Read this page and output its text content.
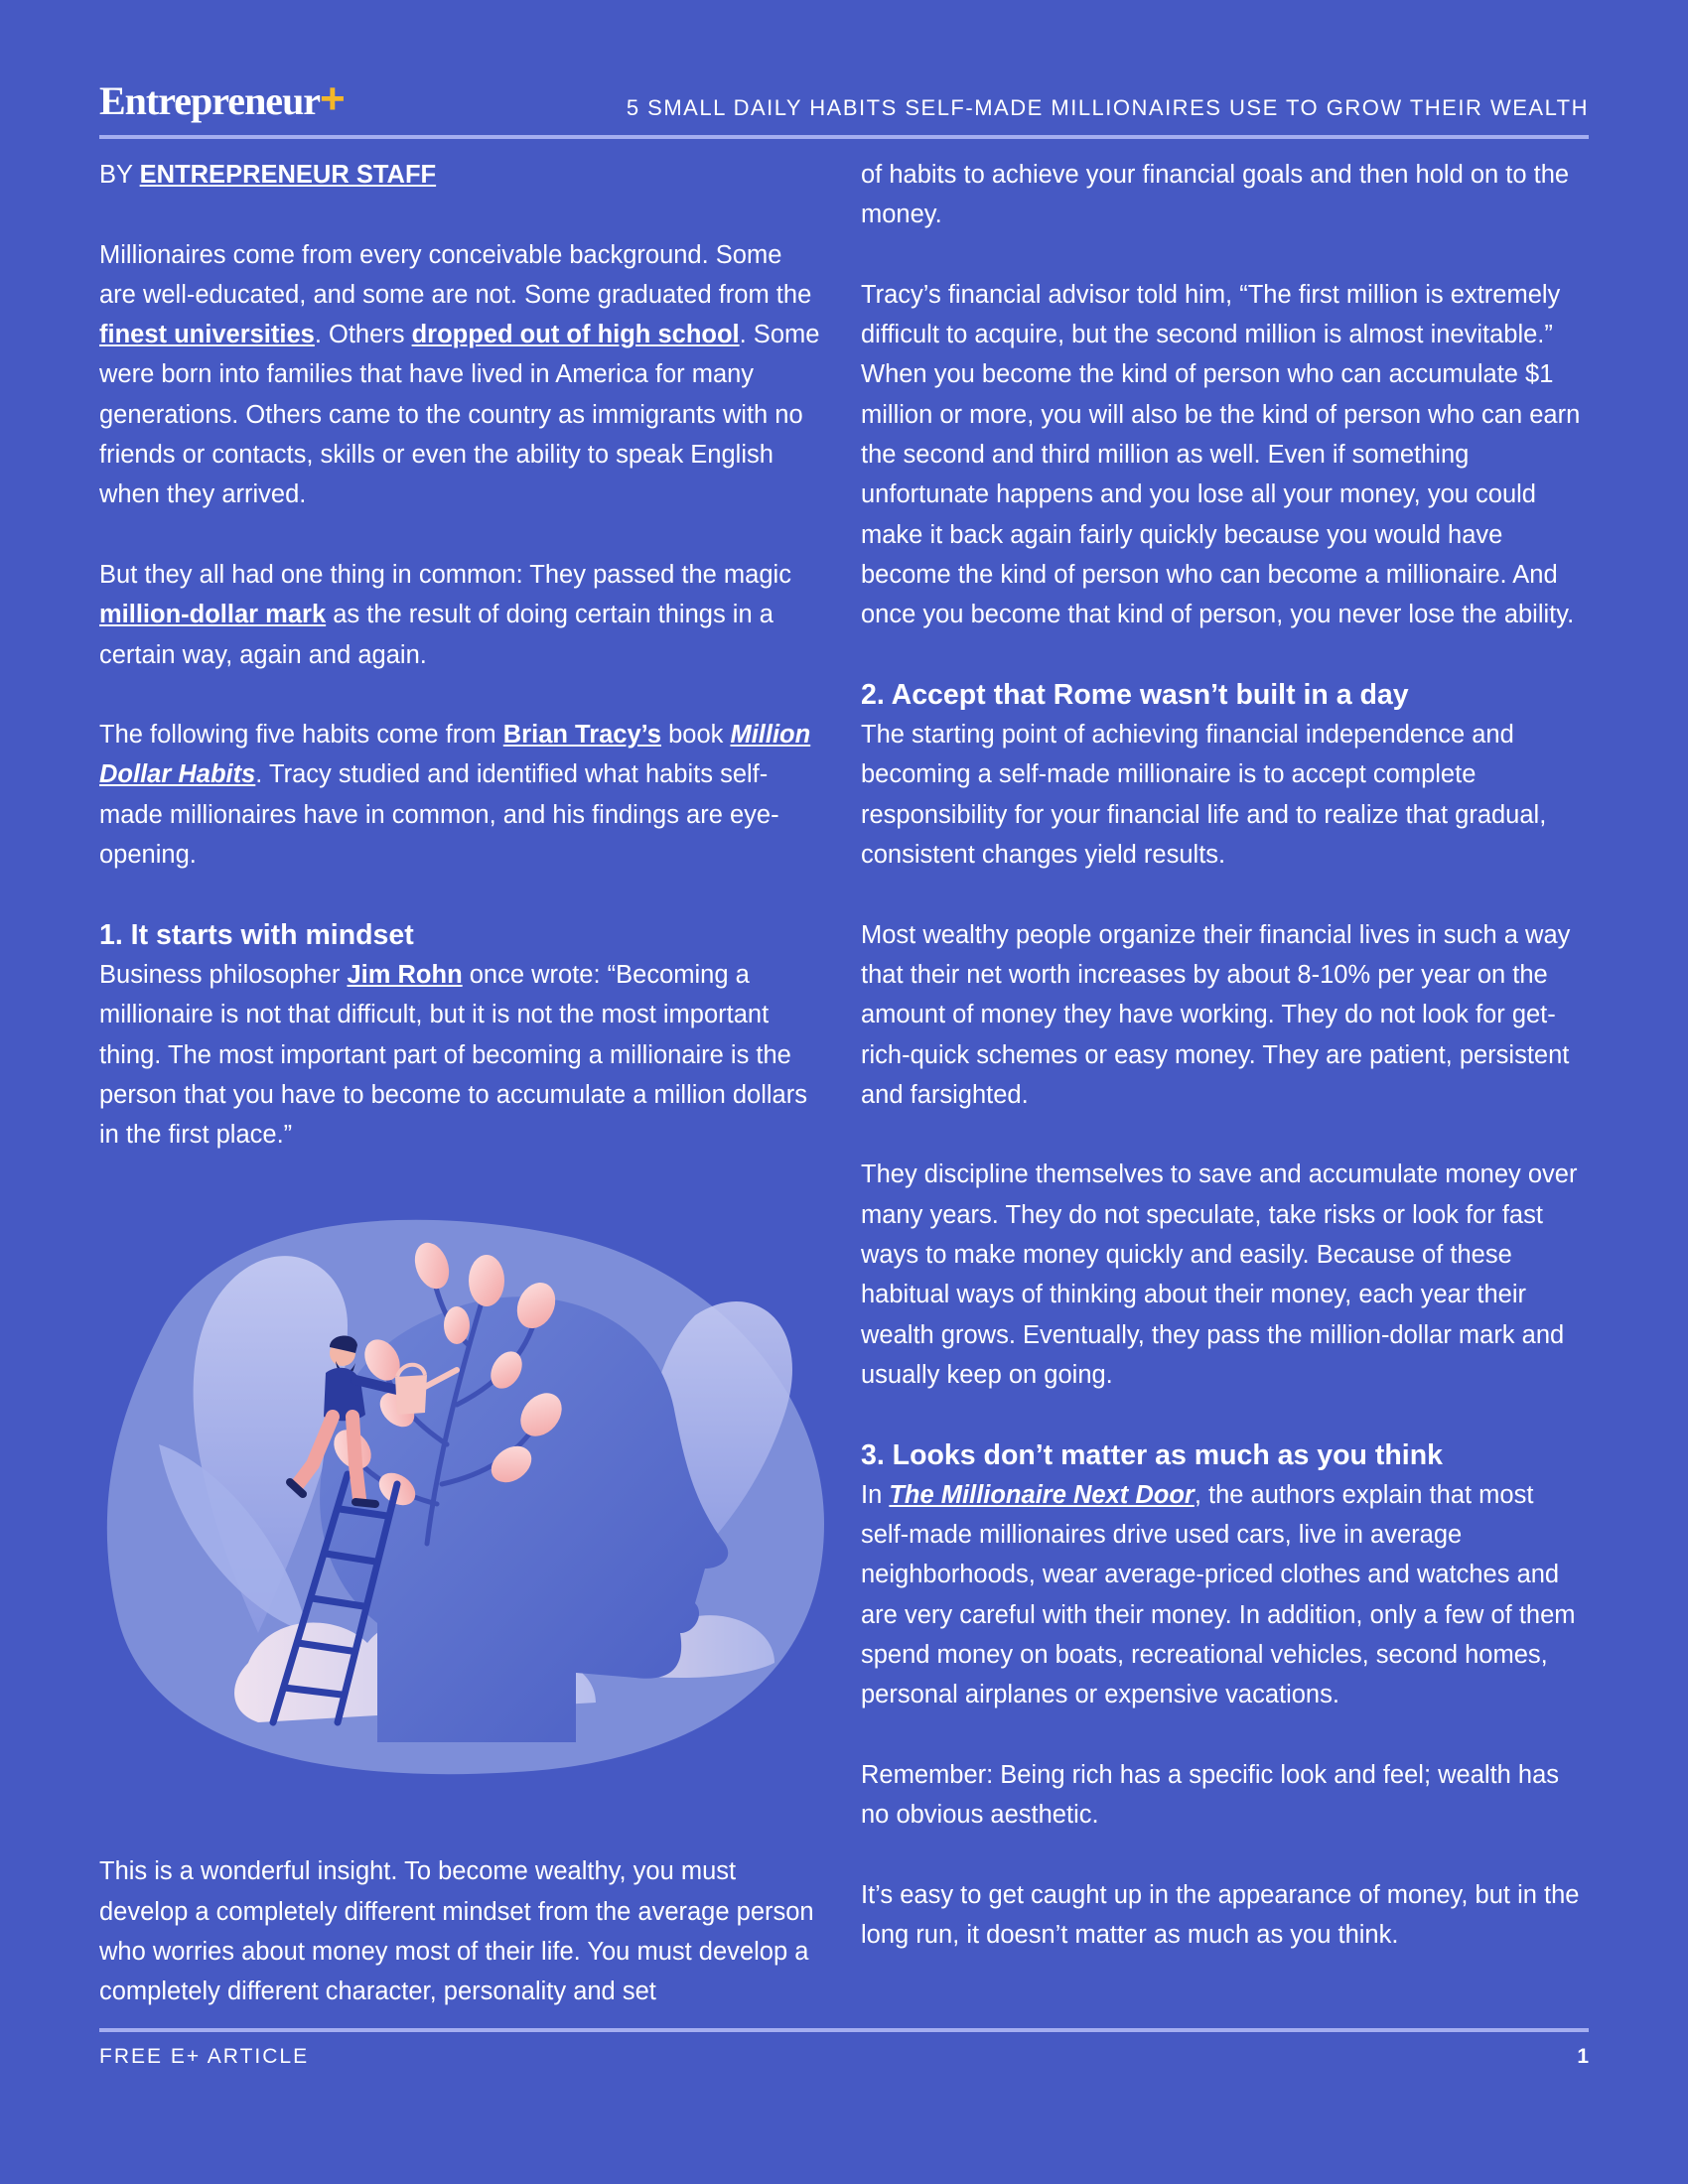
Entrepreneur +	5 SMALL DAILY HABITS SELF-MADE MILLIONAIRES USE TO GROW THEIR WEALTH

BY ENTREPRENEUR STAFF

Millionaires come from every conceivable background. Some are well-educated, and some are not. Some graduated from the finest universities. Others dropped out of high school. Some were born into families that have lived in America for many generations. Others came to the country as immigrants with no friends or contacts, skills or even the ability to speak English when they arrived.

But they all had one thing in common: They passed the magic million-dollar mark as the result of doing certain things in a certain way, again and again.

The following five habits come from Brian Tracy’s book Million Dollar Habits. Tracy studied and identified what habits self-made millionaires have in common, and his findings are eye-opening.

1. It starts with mindset

Business philosopher Jim Rohn once wrote: “Becoming a millionaire is not that difficult, but it is not the most important thing. The most important part of becoming a millionaire is the person that you have to become to accumulate a million dollars in the first place.”

This is a wonderful insight. To become wealthy, you must develop a completely different mindset from the average person who worries about money most of their life. You must develop a completely different character, personality and set

of habits to achieve your financial goals and then hold on to the money.

Tracy’s financial advisor told him, “The first million is extremely difficult to acquire, but the second million is almost inevitable.” When you become the kind of person who can accumulate $1 million or more, you will also be the kind of person who can earn the second and third million as well. Even if something unfortunate happens and you lose all your money, you could make it back again fairly quickly because you would have become the kind of person who can become a millionaire. And once you become that kind of person, you never lose the ability.

2. Accept that Rome wasn’t built in a day

The starting point of achieving financial independence and becoming a self-made millionaire is to accept complete responsibility for your financial life and to realize that gradual, consistent changes yield results.

Most wealthy people organize their financial lives in such a way that their net worth increases by about 8-10% per year on the amount of money they have working. They do not look for get-rich-quick schemes or easy money. They are patient, persistent and farsighted.

They discipline themselves to save and accumulate money over many years. They do not speculate, take risks or look for fast ways to make money quickly and easily. Because of these habitual ways of thinking about their money, each year their wealth grows. Eventually, they pass the million-dollar mark and usually keep on going.

3. Looks don’t matter as much as you think

In The Millionaire Next Door, the authors explain that most self-made millionaires drive used cars, live in average neighborhoods, wear average-priced clothes and watches and are very careful with their money. In addition, only a few of them spend money on boats, recreational vehicles, second homes, personal airplanes or expensive vacations.

Remember: Being rich has a specific look and feel; wealth has no obvious aesthetic.

It’s easy to get caught up in the appearance of money, but in the long run, it doesn’t matter as much as you think.

FREE E+ ARTICLE	1
